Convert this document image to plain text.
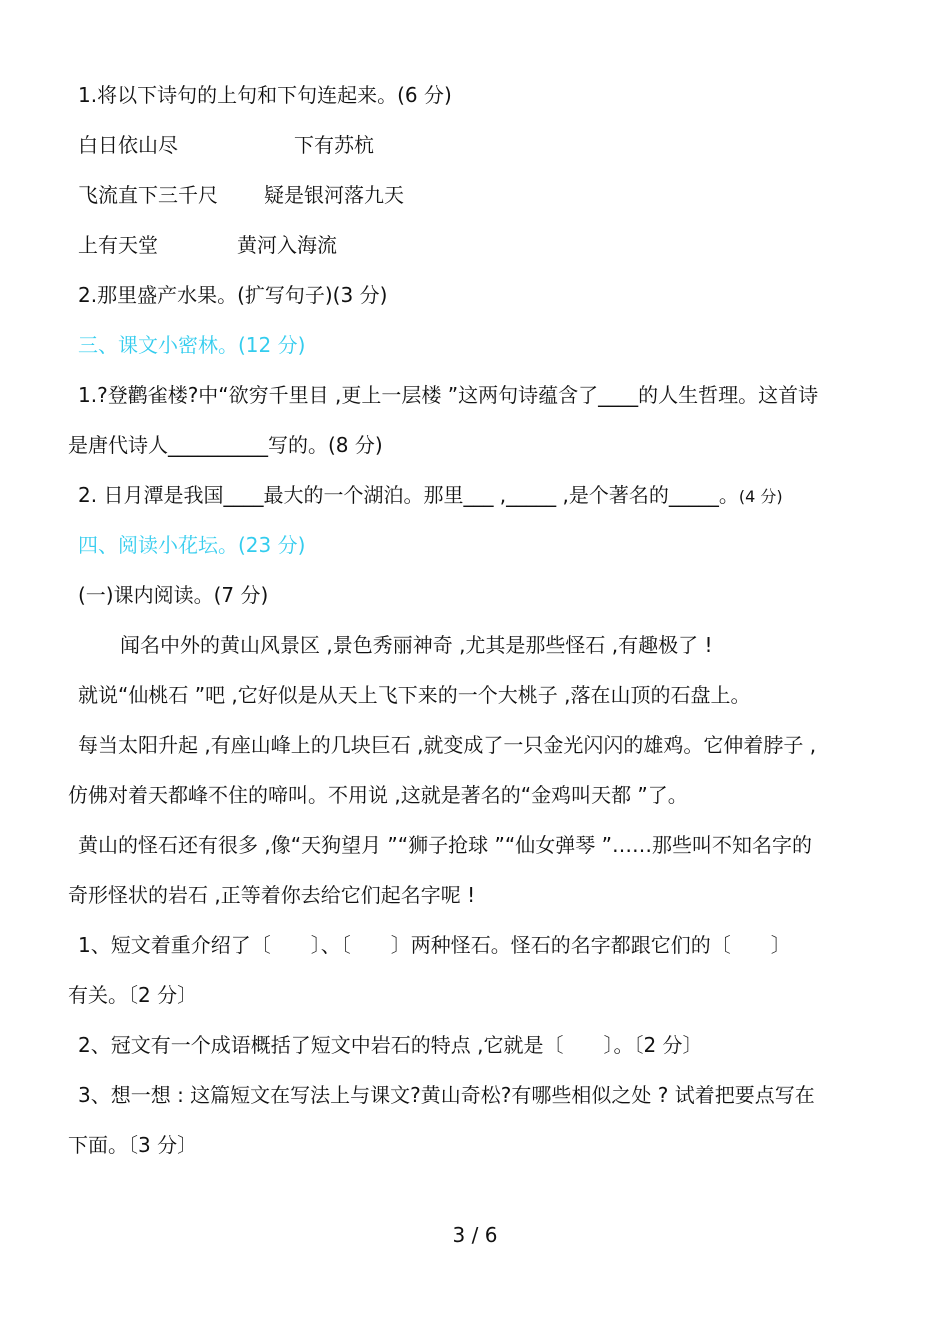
1.将以下诗句的上句和下句连起来。(6 分)
白日依山尽	下有苏杭
飞流直下三千尺 疑是银河落九天
上有天堂	黄河入海流
2.那里盛产水果。(扩写句子)(3 分)
三、课文小密林。(12 分)
1.?登鹳雀楼?中“欲穷千里目 ,更上一层楼 ”这两句诗蕴含了____的人生哲理。这首诗
是唐代诗人__________写的。(8 分)
2. 日月潭是我国____最大的一个湖泊。那里___ ,_____ ,是个著名的_____。(4 分)
四、阅读小花坛。(23 分)
(一)课内阅读。(7 分)
闻名中外的黄山风景区 ,景色秀丽神奇 ,尤其是那些怪石 ,有趣极了 !
就说“仙桃石 ”吧 ,它好似是从天上飞下来的一个大桃子 ,落在山顶的石盘上。
每当太阳升起 ,有座山峰上的几块巨石 ,就变成了一只金光闪闪的雄鸡。它伸着脖子 ,
仿佛对着天都峰不住的啼叫。不用说 ,这就是著名的“金鸡叫天都 ”了。
黄山的怪石还有很多 ,像“天狗望月 ”“狮子抢球 ”“仙女弹琴 ”……那些叫不知名字的
奇形怪状的岩石 ,正等着你去给它们起名字呢 !
1、短文着重介绍了〔　　〕、〔　　〕两种怪石。怪石的名字都跟它们的〔　　〕
有关。〔2 分〕
2、冠文有一个成语概括了短文中岩石的特点 ,它就是〔　　〕。〔2 分〕
3、想一想 : 这篇短文在写法上与课文?黄山奇松?有哪些相似之处 ? 试着把要点写在
下面。〔3 分〕
3 / 6
